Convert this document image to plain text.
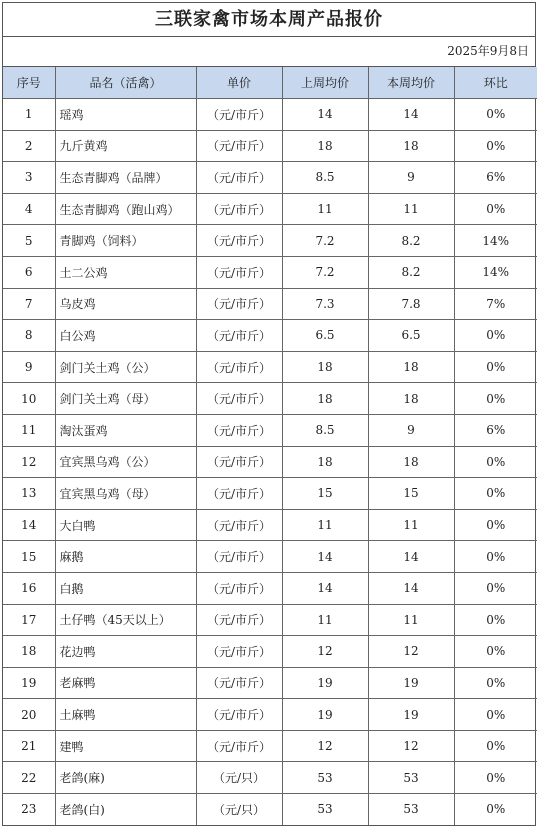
三联家禽市场本周产品报价
2025年9月8日
序号	品名（活禽）	单价	上周均价	本周均价	环比
1	瑶鸡	（元/市斤）	14	14	0%
2	九斤黄鸡	（元/市斤）	18	18	0%
3	生态青脚鸡（品牌）	（元/市斤）	8.5	9	6%
4	生态青脚鸡（跑山鸡）	（元/市斤）	11	11	0%
5	青脚鸡（饲料）	（元/市斤）	7.2	8.2	14%
6	土二公鸡	（元/市斤）	7.2	8.2	14%
7	乌皮鸡	（元/市斤）	7.3	7.8	7%
8	白公鸡	（元/市斤）	6.5	6.5	0%
9	剑门关土鸡（公）	（元/市斤）	18	18	0%
10	剑门关土鸡（母）	（元/市斤）	18	18	0%
11	淘汰蛋鸡	（元/市斤）	8.5	9	6%
12	宜宾黑乌鸡（公）	（元/市斤）	18	18	0%
13	宜宾黑乌鸡（母）	（元/市斤）	15	15	0%
14	大白鸭	（元/市斤）	11	11	0%
15	麻鹅	（元/市斤）	14	14	0%
16	白鹅	（元/市斤）	14	14	0%
17	土仔鸭（45天以上）	（元/市斤）	11	11	0%
18	花边鸭	（元/市斤）	12	12	0%
19	老麻鸭	（元/市斤）	19	19	0%
20	土麻鸭	（元/市斤）	19	19	0%
21	建鸭	（元/市斤）	12	12	0%
22	老鸽(麻)	（元/只）	53	53	0%
23	老鸽(白)	（元/只）	53	53	0%
